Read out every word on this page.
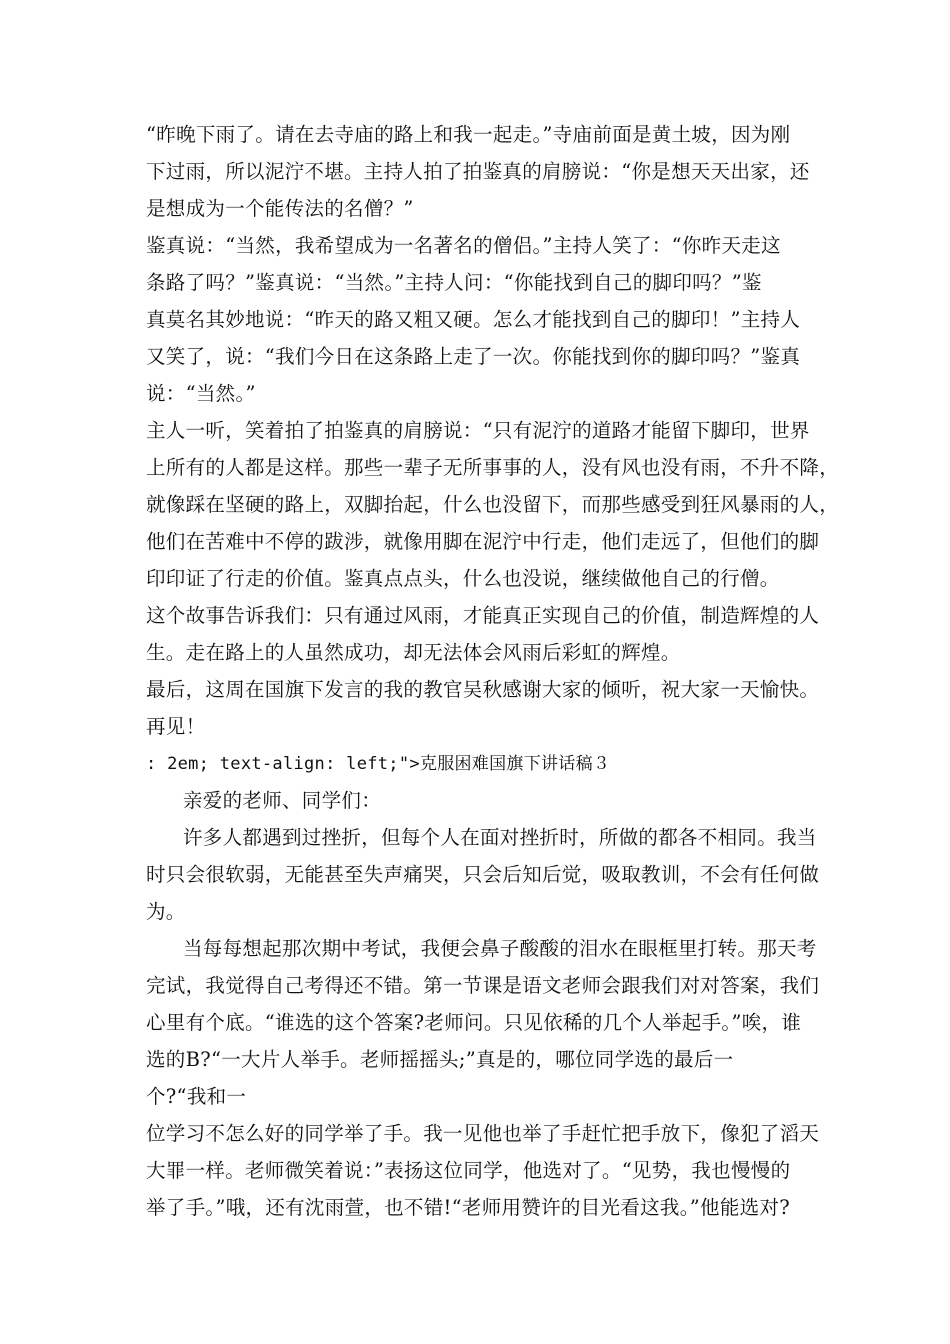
“昨晚下雨了。请在去寺庙的路上和我一起走。”寺庙前面是黄土坡，因为刚
下过雨，所以泥泞不堪。主持人拍了拍鉴真的肩膀说：“你是想天天出家，还
是想成为一个能传法的名僧？”
鉴真说：“当然，我希望成为一名著名的僧侣。”主持人笑了：“你昨天走这
条路了吗？”鉴真说：“当然。”主持人问：“你能找到自己的脚印吗？”鉴
真莫名其妙地说：“昨天的路又粗又硬。怎么才能找到自己的脚印！”主持人
又笑了，说：“我们今日在这条路上走了一次。你能找到你的脚印吗？”鉴真
说：“当然。”
主人一听，笑着拍了拍鉴真的肩膀说：“只有泥泞的道路才能留下脚印，世界
上所有的人都是这样。那些一辈子无所事事的人，没有风也没有雨，不升不降，
就像踩在坚硬的路上，双脚抬起，什么也没留下，而那些感受到狂风暴雨的人，
他们在苦难中不停的跋涉，就像用脚在泥泞中行走，他们走远了，但他们的脚
印印证了行走的价值。鉴真点点头，什么也没说，继续做他自己的行僧。
这个故事告诉我们：只有通过风雨，才能真正实现自己的价值，制造辉煌的人
生。走在路上的人虽然成功，却无法体会风雨后彩虹的辉煌。
最后，这周在国旗下发言的我的教官吴秋感谢大家的倾听，祝大家一天愉快。
再见！
: 2em; text-align: left;">克服困难国旗下讲话稿３
亲爱的老师、同学们：
许多人都遇到过挫折，但每个人在面对挫折时，所做的都各不相同。我当
时只会很软弱，无能甚至失声痛哭，只会后知后觉，吸取教训，不会有任何做
为。
当每每想起那次期中考试，我便会鼻子酸酸的泪水在眼框里打转。那天考
完试，我觉得自己考得还不错。第一节课是语文老师会跟我们对对答案，我们
心里有个底。“谁选的这个答案?老师问。只见依稀的几个人举起手。”唉，谁
选的B?“一大片人举手。老师摇摇头;”真是的，哪位同学选的最后一
个?“我和一
位学习不怎么好的同学举了手。我一见他也举了手赶忙把手放下，像犯了滔天
大罪一样。老师微笑着说：”表扬这位同学，他选对了。“见势，我也慢慢的
举了手。”哦，还有沈雨萱，也不错!“老师用赞许的目光看这我。”他能选对?
